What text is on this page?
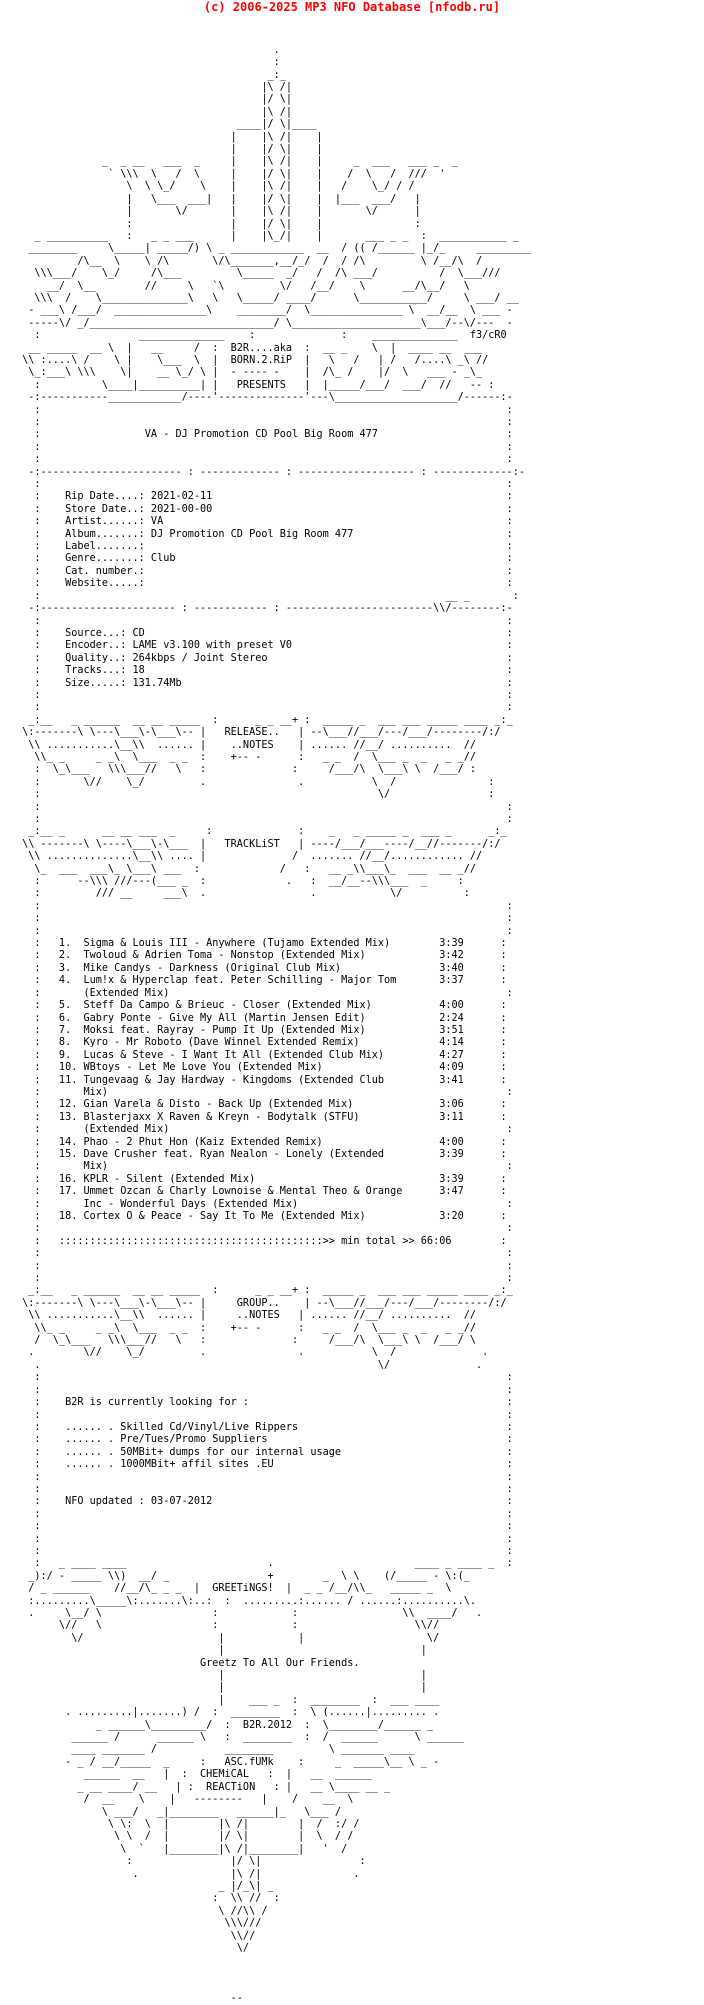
(c) 2006-2025 MP3 NFO Database [nfodb.ru]

.
:
_:_
|\ /|
|/ \|
|\ /|
____|/ \|____
|    |\ /|    |
|    |/ \|    |
_  _ __   ___  _     |    |\ /|    |     _  ___   ___ _  _
` \\\  \   /  \     |    |/ \|    |    /  \   /  ///  '
\  \ \_/    \    |    |\ /|    |   /    \_/ / /
|   \___  ___|   |    |/ \|    |  |___  ___/   |
|       \/       |    |\ /|    |       \/      |
:                |    |/ \|    |               :
_ __________   :   _ _ ___      |    |\_/|    |       ___ _ _  :  ___________ _
________     \_____| _____/) \ _ ____________  __  / (( /______ |_/_     _________
/\__  \    \ /\       \/\_______,__/_/  /  / /\         \ /__/\  /
\\\___/    \_/     /\___         \_____  _/   /  /\ ___/          /  \___///
__/  \__        //     \   `\         \/   /__/    \      __/\__/   \
\\\  /    \______________\   \   \_____/ ____/      \___________/     \ ___/ __
- ___\ /___/  _______________\    ________/  \_______________ \  __/__  \ ___ -
-----\/ _/______________________________/ \_____________________\___/--\/---  -
:                ______________    :              :    ______________  f3/cR0
__ _____  __ \  |   __     /  :  B2R....aka  :  __ _    \  |  ____ __  ___
\\ :....\ /    \ |    \___  \  |  BORN.2.RiP  |   \   /   | /   /....\ _\ //
\_:___\ \\\    \|    __ \_/ \ |  - ---- -    |  /\_ /    |/  \   ___ - _\_
:          \____|__________| |   PRESENTS   |  |_____/___/  ___/  //   -- :
-:-----------____________/----'--------------'---\____________________/------:-
:                                                                            :
:                                                                            :
:                 VA - DJ Promotion CD Pool Big Room 477                     :
:                                                                            :
:                                                                            :
-:----------------------- : ------------- : ------------------- : -------------:-
:                                                                            :
:    Rip Date....: 2021-02-11                                                :
:    Store Date..: 2021-00-00                                                :
:    Artist......: VA                                                        :
:    Album.......: DJ Promotion CD Pool Big Room 477                         :
:    Label.......:                                                           :
:    Genre.......: Club                                                      :
:    Cat. number.:                                                           :
:    Website.....:                                                           :
:                                                                  __ _       :
-:---------------------- : ------------ : ------------------------\\/--------:-
:                                                                            :
:    Source...: CD                                                           :
:    Encoder..: LAME v3.100 with preset V0                                   :
:    Quality..: 264kbps / Joint Stereo                                       :
:    Tracks...: 18                                                           :
:    Size.....: 131.74Mb                                                     :
:                                                                            :
:                                                                            :
_:__   _ ______  __ __ _____  :      _ _ __+ :  _____ _  ___ ___ _____ ____ _:_
\:-------\ \---\___\-\___\-- |   RELEASE..   | --\___//___/---/___/--------/:/
\\ ...........\__\\  ...... |    ..NOTES    | ...... //__/ ..........  //
\\_ _     _ _\  \___  _ _  :    +-- -      :   _ _  /  \___ _  _   _ _//
:  \_\___   \\\___//   \   :              :     /___/\  \___\ \  /___/ :
:       \//    \_/         .               .           \  /               :
:                                                       \/                :
:                                                                            :
:                                                                            :
_:__ _      __ __ ___  _     :              :    _   _ _____ _  ___ _      _:_
\\ -------\ \----\___\-\___  |   TRACKLiST   | ----/___/___----/__//-------/:/
\\ ..............\__\\ .... |              /  ....... //__/............ //
\_  ___  ___\_ \___\ ___  :             /   :   __ _\\___\_  ___  __ _//
:      --\\\ ///---(___ _  :             .   :  __/__--\\\___  _     :
:         /// __     ___\  .                 .            \/          :
:                                                                            :
:                                                                            :
:                                                                            :
:   1.  Sigma & Louis III - Anywhere (Tujamo Extended Mix)        3:39      :
:   2.  Twoloud & Adrien Toma - Nonstop (Extended Mix)            3:42      :
:   3.  Mike Candys - Darkness (Original Club Mix)                3:40      :
:   4.  Lum!x & Hyperclap feat. Peter Schilling - Major Tom       3:37      :
:       (Extended Mix)                                                       :
:   5.  Steff Da Campo & Brieuc - Closer (Extended Mix)           4:00      :
:   6.  Gabry Ponte - Give My All (Martin Jensen Edit)            2:24      :
:   7.  Moksi feat. Rayray - Pump It Up (Extended Mix)            3:51      :
:   8.  Kyro - Mr Roboto (Dave Winnel Extended Remix)             4:14      :
:   9.  Lucas & Steve - I Want It All (Extended Club Mix)         4:27      :
:   10. WBtoys - Let Me Love You (Extended Mix)                   4:09      :
:   11. Tungevaag & Jay Hardway - Kingdoms (Extended Club         3:41      :
:       Mix)                                                                 :
:   12. Gian Varela & Disto - Back Up (Extended Mix)              3:06      :
:   13. Blasterjaxx X Raven & Kreyn - Bodytalk (STFU)             3:11      :
:       (Extended Mix)                                                       :
:   14. Phao - 2 Phut Hon (Kaiz Extended Remix)                   4:00      :
:   15. Dave Crusher feat. Ryan Nealon - Lonely (Extended         3:39      :
:       Mix)                                                                 :
:   16. KPLR - Silent (Extended Mix)                              3:39      :
:   17. Ummet Ozcan & Charly Lownoise & Mental Theo & Orange      3:47      :
:       Inc - Wonderful Days (Extended Mix)                                  :
:   18. Cortex O & Peace - Say It To Me (Extended Mix)            3:20      :
:                                                                            :
:   :::::::::::::::::::::::::::::::::::::::::::>> min total >> 66:06        :
:                                                                            :
:                                                                            :
:                                                                            :
_:__   _ ______  __ __ _____  :      _ _ __+ :  _____ _  ___ ___ _____ ____ _:_
\:-------\ \---\___\-\___\-- |     GROUP..    | --\___//___/---/___/--------/:/
\\ ...........\__\\  ...... |     ..NOTES   | ...... //__/ ..........  //
\\_ _     _ _\  \___  _ _  :    +-- -      :   _ _  /  \___ _  _   _ _//
/  \_\___   \\\___//   \   :              :     /___/\  \___\ \  /___/ \
.        \//    \_/         .               .           \  /              .
.                                                       \/              .
:                                                                            :
:                                                                            :
:    B2R is currently looking for :                                          :
:                                                                            :
:    ...... . Skilled Cd/Vinyl/Live Rippers                                  :
:    ...... . Pre/Tues/Promo Suppliers                                       :
:    ...... . 50MBit+ dumps for our internal usage                           :
:    ...... . 1000MBit+ affil sites .EU                                      :
:                                                                            :
:                                                                            :
:    NFO updated : 03-07-2012                                                :
:                                                                            :
:                                                                            :
:                                                                            :
:                                                                            :
:   _ ____ ____                       .                       ____ _ ____ _  :
_):/ - _____ \\)  __/ _                +        _  \ \    (/_____ - \:(_
/ _ ______    //__/\_ _ _  |  GREETiNGS!  |  _ _ /__/\\_   _____ _  \
:.........\_____\:.......\:..:  :  .........:...... / ......:..........\.
.     \__/ \                  :            :                 \\  ____/   .
\//   \                  :            :                   \\//
\/                      |            |                    \/
|                                |
Greetz To All Our Friends.
|                                |
|                                |
|    ___ _  :  ________  :  ___ ____
. .........|.......) /  :  ________  :  \ (......|......... .
_ ______\_________/  :  B2R.2012  :  \________/______ _
______ /      ______ \   :  ________  :  /  ______      \ ______
____ _______ /           ________         \ _______ ____
- _ / __/_____  _     :   ASC.fUMk    :     _  _____\__ \ _ -
______  __   |  :  CHEMiCAL   :  |   __  ______
_ __ ____/ __   | :  REACTiON   : |   __ \____ __ _
/  __    \    |   --------   |    /    __  \
\ ___/   _|________   ______|_   \___ /
\ \:  \  |        |\ /|        |  /  :/ /
\ \  /  |        |/ \|        |  \  / /
\  `   |________|\ /|________|   '  /
:                |/ \|                :
.               |\ /|               .
_ |/_\| _
:  \\ //  :
\ //\\ /
\\\///
\\//
\/

--
